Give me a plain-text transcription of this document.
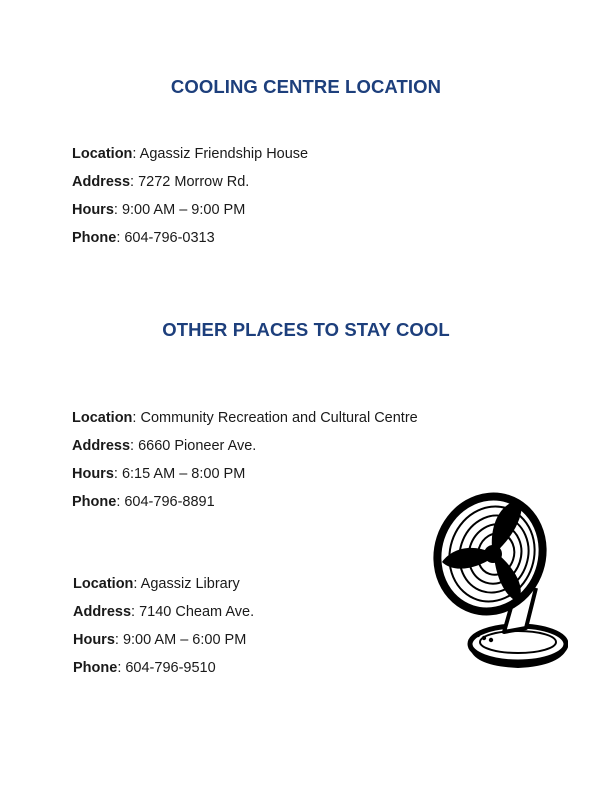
COOLING CENTRE LOCATION
Location: Agassiz Friendship House
Address: 7272 Morrow Rd.
Hours: 9:00 AM – 9:00 PM
Phone: 604-796-0313
OTHER PLACES TO STAY COOL
Location: Community Recreation and Cultural Centre
Address: 6660 Pioneer Ave.
Hours: 6:15 AM – 8:00 PM
Phone: 604-796-8891
Location: Agassiz Library
Address: 7140 Cheam Ave.
Hours: 9:00 AM – 6:00 PM
Phone: 604-796-9510
